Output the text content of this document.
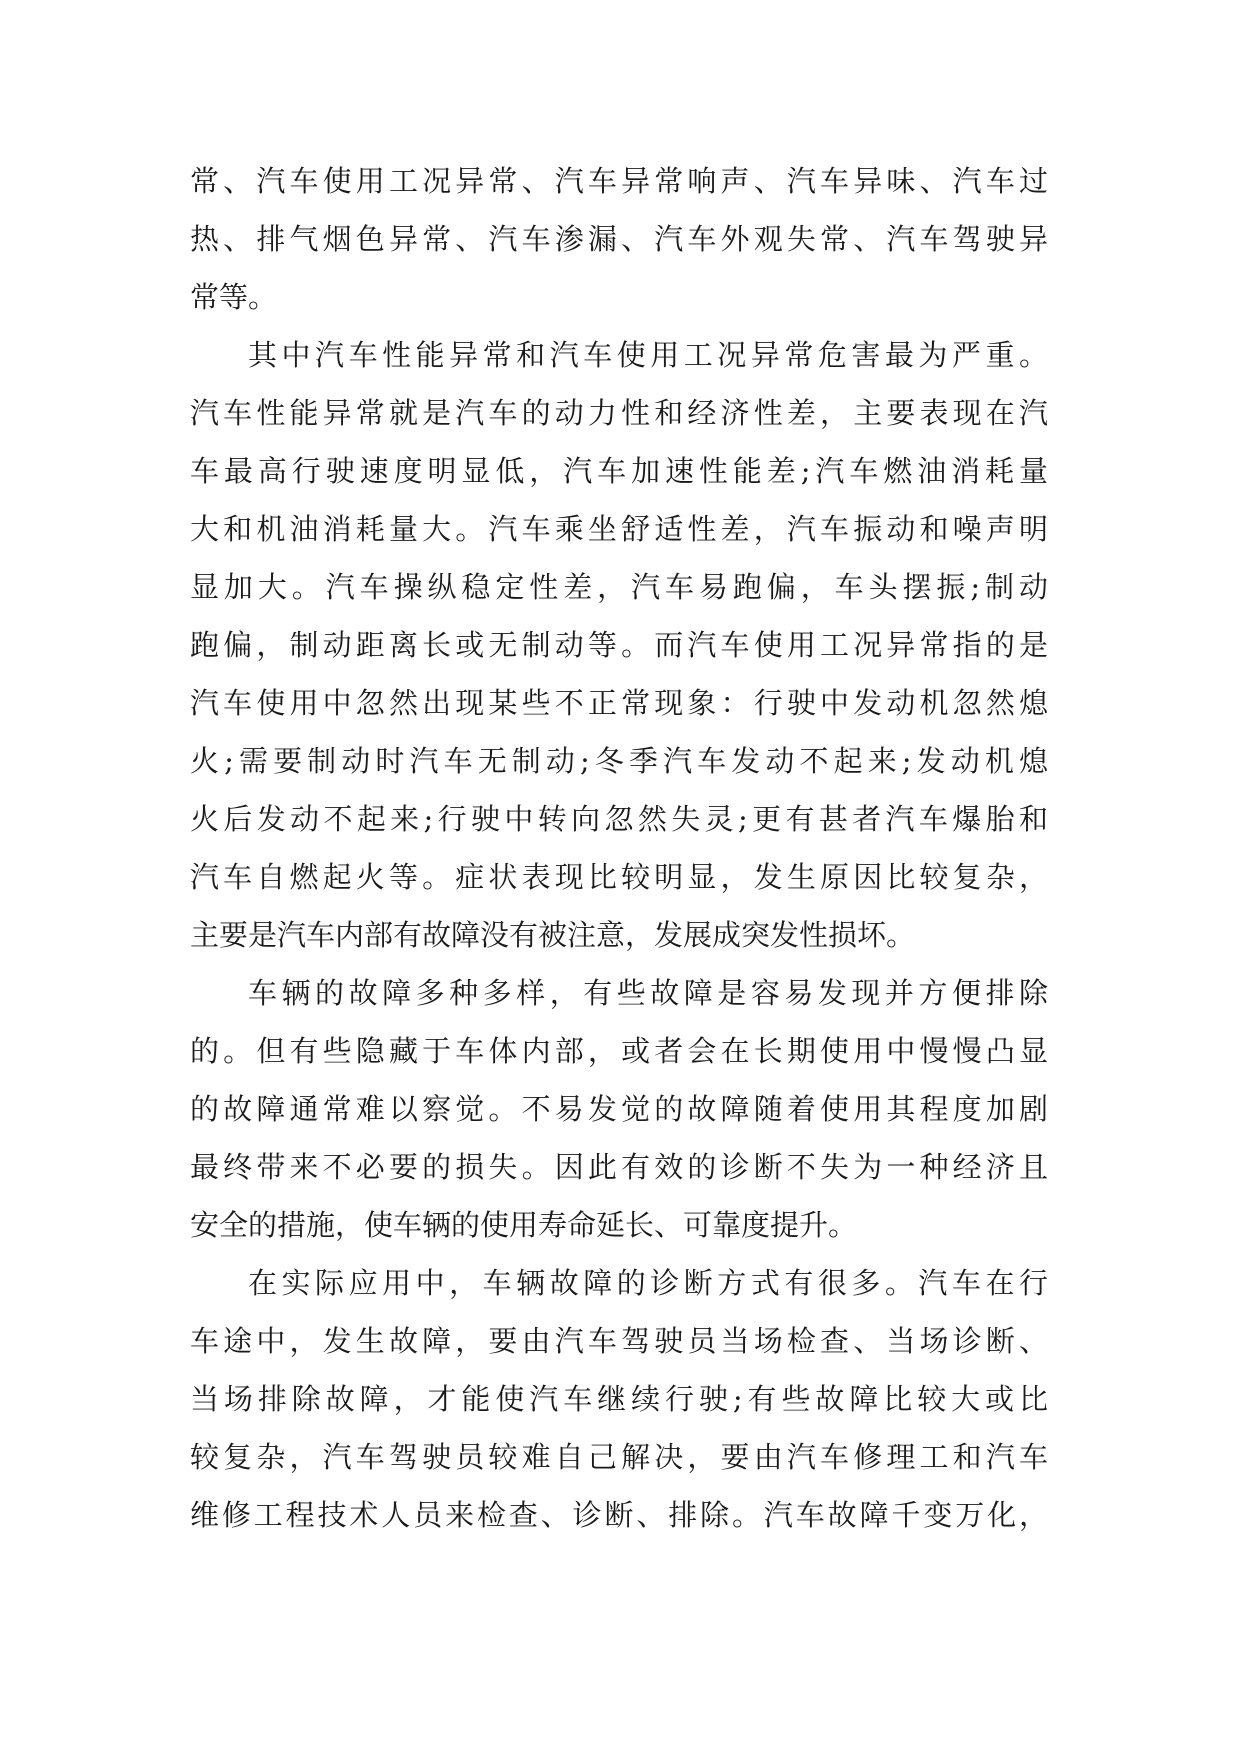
常、汽车使用工况异常、汽车异常响声、汽车异味、汽车过
热、排气烟色异常、汽车渗漏、汽车外观失常、汽车驾驶异
常等。
其中汽车性能异常和汽车使用工况异常危害最为严重。
汽车性能异常就是汽车的动力性和经济性差，主要表现在汽
车最高行驶速度明显低，汽车加速性能差;汽车燃油消耗量
大和机油消耗量大。汽车乘坐舒适性差，汽车振动和噪声明
显加大。汽车操纵稳定性差，汽车易跑偏，车头摆振;制动
跑偏，制动距离长或无制动等。而汽车使用工况异常指的是
汽车使用中忽然出现某些不正常现象：行驶中发动机忽然熄
火;需要制动时汽车无制动;冬季汽车发动不起来;发动机熄
火后发动不起来;行驶中转向忽然失灵;更有甚者汽车爆胎和
汽车自燃起火等。症状表现比较明显，发生原因比较复杂，
主要是汽车内部有故障没有被注意，发展成突发性损坏。
车辆的故障多种多样，有些故障是容易发现并方便排除
的。但有些隐藏于车体内部，或者会在长期使用中慢慢凸显
的故障通常难以察觉。不易发觉的故障随着使用其程度加剧
最终带来不必要的损失。因此有效的诊断不失为一种经济且
安全的措施，使车辆的使用寿命延长、可靠度提升。
在实际应用中，车辆故障的诊断方式有很多。汽车在行
车途中，发生故障，要由汽车驾驶员当场检查、当场诊断、
当场排除故障，才能使汽车继续行驶;有些故障比较大或比
较复杂，汽车驾驶员较难自己解决，要由汽车修理工和汽车
维修工程技术人员来检查、诊断、排除。汽车故障千变万化，
